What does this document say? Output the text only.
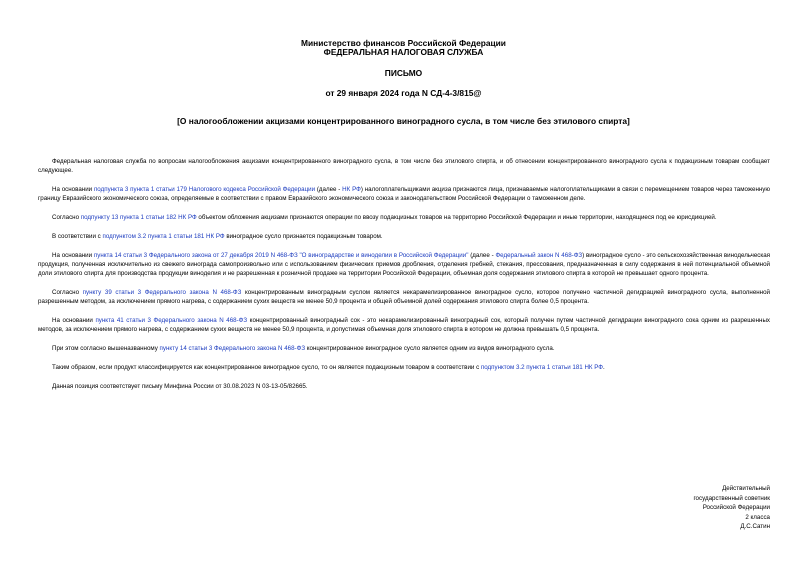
Министерство финансов Российской Федерации
ФЕДЕРАЛЬНАЯ НАЛОГОВАЯ СЛУЖБА
ПИСЬМО
от 29 января 2024 года N СД-4-3/815@
[О налогообложении акцизами концентрированного виноградного сусла, в том числе без этилового спирта]

Федеральная налоговая служба по вопросам налогообложения акцизами концентрированного виноградного сусла, в том числе без этилового спирта, и об отнесении концентрированного виноградного сусла к подакцизным товарам сообщает следующее.

На основании подпункта 3 пункта 1 статьи 179 Налогового кодекса Российской Федерации (далее - НК РФ) налогоплательщиками акциза признаются лица, признаваемые налогоплательщиками в связи с перемещением товаров через таможенную границу Евразийского экономического союза, определяемые в соответствии с правом Евразийского экономического союза и законодательством Российской Федерации о таможенном деле.

Согласно подпункту 13 пункта 1 статьи 182 НК РФ объектом обложения акцизами признаются операции по ввозу подакцизных товаров на территорию Российской Федерации и иные территории, находящиеся под ее юрисдикцией.

В соответствии с подпунктом 3.2 пункта 1 статьи 181 НК РФ виноградное сусло признается подакцизным товаром.

На основании пункта 14 статьи 3 Федерального закона от 27 декабря 2019 N 468-ФЗ "О виноградарстве и виноделии в Российской Федерации" (далее - Федеральный закон N 468-ФЗ) виноградное сусло - это сельскохозяйственная винодельческая продукция, полученная исключительно из свежего винограда самопроизвольно или с использованием физических приемов дробления, отделения гребней, стекания, прессования, предназначенная в силу содержания в ней потенциальной объемной доли этилового спирта для производства продукции виноделия и не разрешенная к розничной продаже на территории Российской Федерации, объемная доля содержания этилового спирта в которой не превышает одного процента.

Согласно пункту 39 статьи 3 Федерального закона N 468-ФЗ концентрированным виноградным суслом является некарамелизированное виноградное сусло, которое получено частичной дегидрацией виноградного сусла, выполненной разрешенным методом, за исключением прямого нагрева, с содержанием сухих веществ не менее 50,9 процента и общей объемной долей содержания этилового спирта более 0,5 процента.

На основании пункта 41 статьи 3 Федерального закона N 468-ФЗ концентрированный виноградный сок - это некарамелизированный виноградный сок, который получен путем частичной дегидрации виноградного сока одним из разрешенных методов, за исключением прямого нагрева, с содержанием сухих веществ не менее 50,9 процента, и допустимая объемная доля этилового спирта в котором не должна превышать 0,5 процента.

При этом согласно вышеназванному пункту 14 статьи 3 Федерального закона N 468-ФЗ концентрированное виноградное сусло является одним из видов виноградного сусла.

Таким образом, если продукт классифицируется как концентрированное виноградное сусло, то он является подакцизным товаром в соответствии с подпунктом 3.2 пункта 1 статьи 181 НК РФ.

Данная позиция соответствует письму Минфина России от 30.08.2023 N 03-13-05/82665.

Действительный
государственный советник
Российской Федерации
2 класса
Д.С.Сатин
